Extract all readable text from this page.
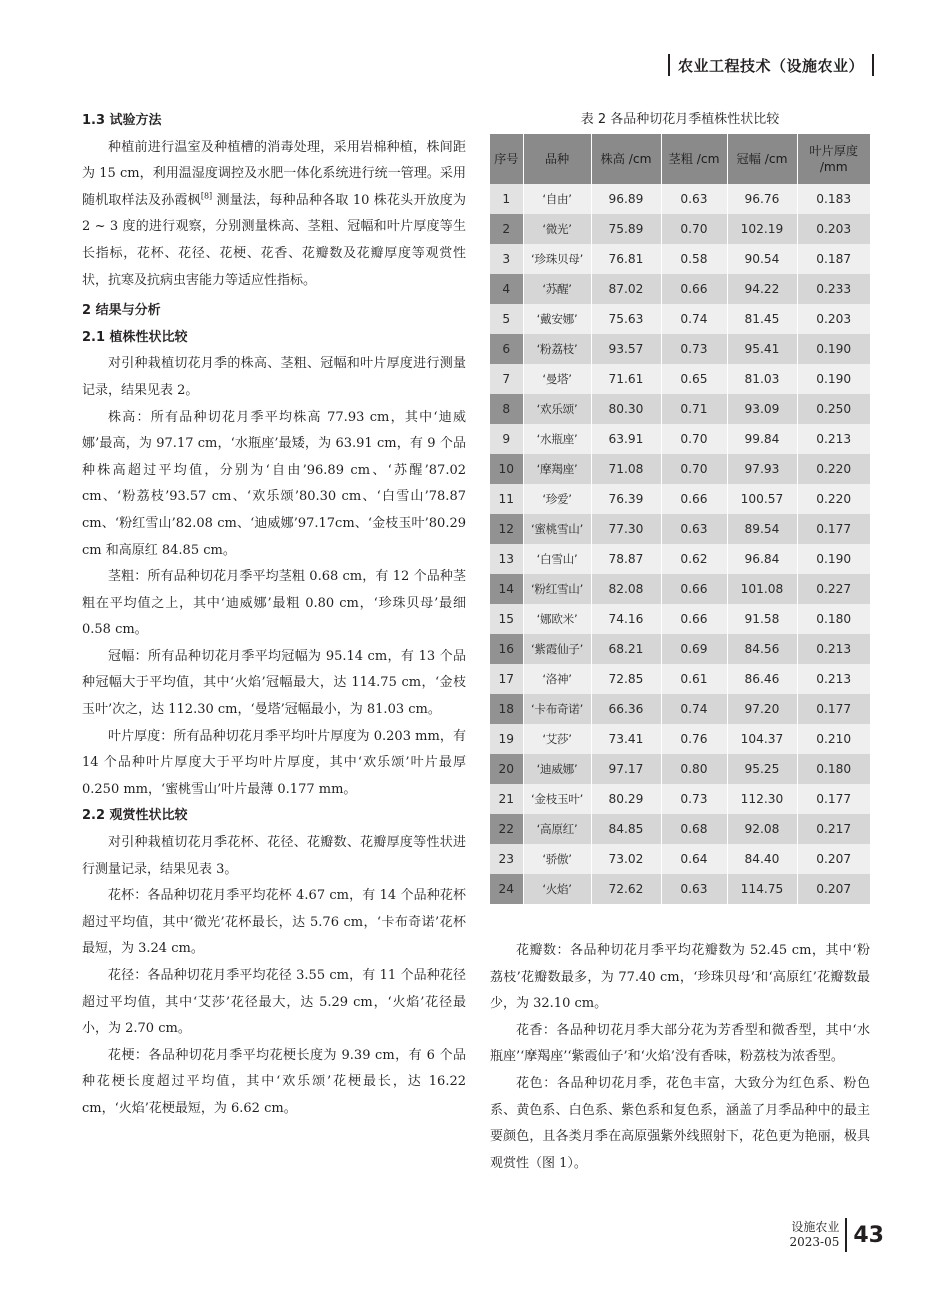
农业工程技术（设施农业）
1.3 试验方法

种植前进行温室及种植槽的消毒处理，采用岩棉种植，株间距为 15 cm，利用温湿度调控及水肥一体化系统进行统一管理。采用随机取样法及孙霞枫[8] 测量法，每种品种各取 10 株花头开放度为 2 ~ 3 度的进行观察，分别测量株高、茎粗、冠幅和叶片厚度等生长指标，花杯、花径、花梗、花香、花瓣数及花瓣厚度等观赏性状，抗寒及抗病虫害能力等适应性指标。

2 结果与分析
2.1 植株性状比较

对引种栽植切花月季的株高、茎粗、冠幅和叶片厚度进行测量记录，结果见表 2。

株高：所有品种切花月季平均株高 77.93 cm，其中‘迪威娜’最高，为 97.17 cm，‘水瓶座’最矮，为 63.91 cm，有 9 个品种株高超过平均值，分别为‘自由’96.89 cm、‘苏醒’87.02 cm、‘粉荔枝’93.57 cm、‘欢乐颂’80.30 cm、‘白雪山’78.87 cm、‘粉红雪山’82.08 cm、‘迪威娜’97.17cm、‘金枝玉叶’80.29 cm 和高原红 84.85 cm。

茎粗：所有品种切花月季平均茎粗 0.68 cm，有 12 个品种茎粗在平均值之上，其中‘迪威娜’最粗 0.80 cm，‘珍珠贝母’最细 0.58 cm。

冠幅：所有品种切花月季平均冠幅为 95.14 cm，有 13 个品种冠幅大于平均值，其中‘火焰’冠幅最大，达 114.75 cm，‘金枝玉叶’次之，达 112.30 cm，‘曼塔’冠幅最小，为 81.03 cm。

叶片厚度：所有品种切花月季平均叶片厚度为 0.203 mm，有 14 个品种叶片厚度大于平均叶片厚度，其中‘欢乐颂’叶片最厚 0.250 mm，‘蜜桃雪山’叶片最薄 0.177 mm。

2.2 观赏性状比较

对引种栽植切花月季花杯、花径、花瓣数、花瓣厚度等性状进行测量记录，结果见表 3。

花杯：各品种切花月季平均花杯 4.67 cm，有 14 个品种花杯超过平均值，其中‘微光’花杯最长，达 5.76 cm，‘卡布奇诺’花杯最短，为 3.24 cm。

花径：各品种切花月季平均花径 3.55 cm，有 11 个品种花径超过平均值，其中‘艾莎’花径最大，达 5.29 cm，‘火焰’花径最小，为 2.70 cm。

花梗：各品种切花月季平均花梗长度为 9.39 cm，有 6 个品种花梗长度超过平均值，其中‘欢乐颂’花梗最长，达 16.22 cm，‘火焰’花梗最短，为 6.62 cm。

表 2 各品种切花月季植株性状比较
序号	品种	株高 /cm	茎粗 /cm	冠幅 /cm	叶片厚度 /mm
1	‘自由’	96.89	0.63	96.76	0.183
2	‘微光’	75.89	0.70	102.19	0.203
3	‘珍珠贝母’	76.81	0.58	90.54	0.187
4	‘苏醒’	87.02	0.66	94.22	0.233
5	‘戴安娜’	75.63	0.74	81.45	0.203
6	‘粉荔枝’	93.57	0.73	95.41	0.190
7	‘曼塔’	71.61	0.65	81.03	0.190
8	‘欢乐颂’	80.30	0.71	93.09	0.250
9	‘水瓶座’	63.91	0.70	99.84	0.213
10	‘摩羯座’	71.08	0.70	97.93	0.220
11	‘珍爱’	76.39	0.66	100.57	0.220
12	‘蜜桃雪山’	77.30	0.63	89.54	0.177
13	‘白雪山’	78.87	0.62	96.84	0.190
14	‘粉红雪山’	82.08	0.66	101.08	0.227
15	‘娜欧米’	74.16	0.66	91.58	0.180
16	‘紫霞仙子’	68.21	0.69	84.56	0.213
17	‘洛神’	72.85	0.61	86.46	0.213
18	‘卡布奇诺’	66.36	0.74	97.20	0.177
19	‘艾莎’	73.41	0.76	104.37	0.210
20	‘迪威娜’	97.17	0.80	95.25	0.180
21	‘金枝玉叶’	80.29	0.73	112.30	0.177
22	‘高原红’	84.85	0.68	92.08	0.217
23	‘骄傲’	73.02	0.64	84.40	0.207
24	‘火焰’	72.62	0.63	114.75	0.207

花瓣数：各品种切花月季平均花瓣数为 52.45 cm，其中‘粉荔枝’花瓣数最多，为 77.40 cm，‘珍珠贝母’和‘高原红’花瓣数最少，为 32.10 cm。

花香：各品种切花月季大部分花为芳香型和微香型，其中‘水瓶座’‘摩羯座’‘紫霞仙子’和‘火焰’没有香味，粉荔枝为浓香型。

花色：各品种切花月季，花色丰富，大致分为红色系、粉色系、黄色系、白色系、紫色系和复色系，涵盖了月季品种中的最主要颜色，且各类月季在高原强紫外线照射下，花色更为艳丽，极具观赏性（图 1）。

设施农业
2023-05 43
